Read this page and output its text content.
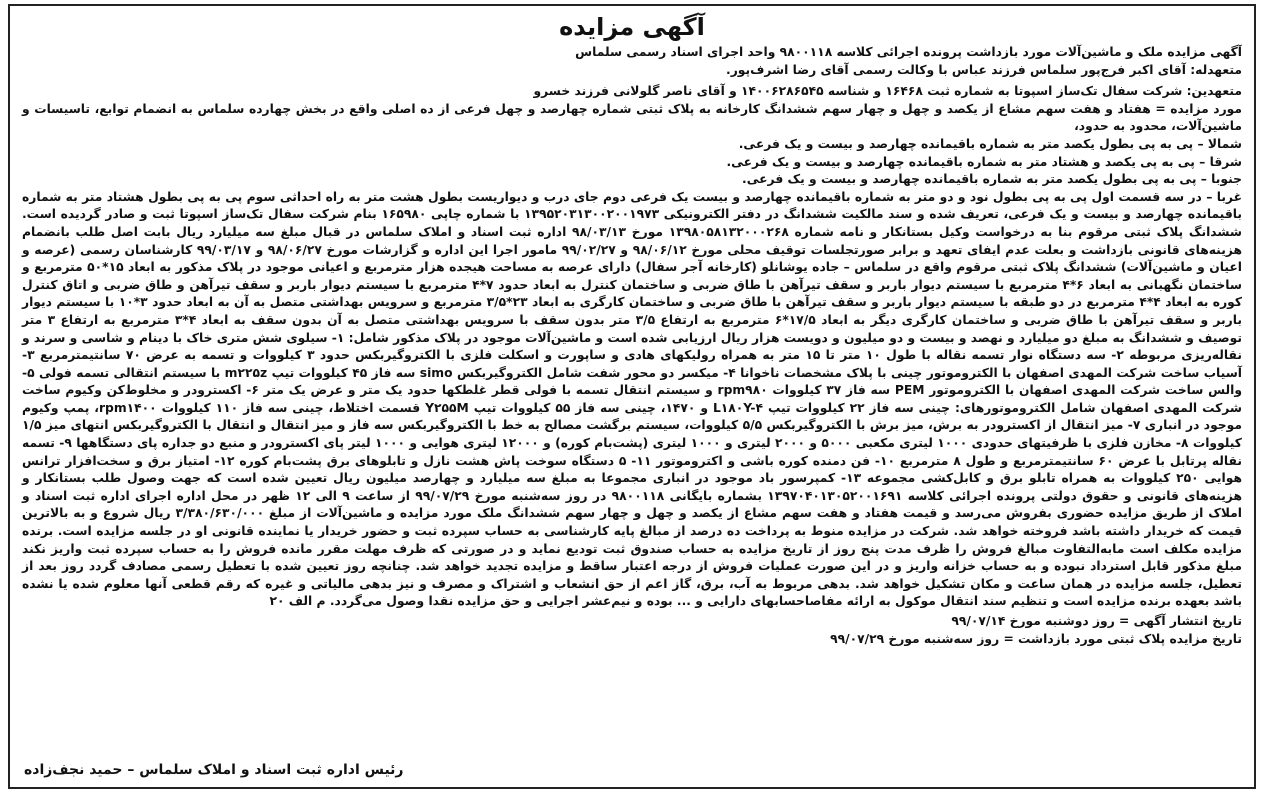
آگهی مزایده
آگهی مزایده ملک و ماشین‌آلات مورد بازداشت پرونده اجرائی کلاسه ۹۸۰۰۱۱۸ واحد اجرای اسناد رسمی سلماس
متعهدله: آقای اکبر فرج‌پور سلماس فرزند عباس با وکالت رسمی آقای رضا اشرف‌پور.
متعهدین: شرکت سفال تک‌ساز اسپوتا به شماره ثبت ۱۶۴۶۸ و شناسه ۱۴۰۰۶۲۸۶۵۴۵ و آقای ناصر گلولانی فرزند خسرو
مورد مزایده = هفتاد و هفت سهم مشاع از یکصد و چهل و چهار سهم ششدانگ کارخانه به پلاک ثبتی شماره چهارصد و چهل فرعی از ده اصلی واقع در بخش چهارده سلماس به انضمام توابع، تاسیسات و ماشین‌آلات، محدود به حدود،
شمالا – پی به پی بطول یکصد متر به شماره باقیمانده چهارصد و بیست و یک فرعی.
شرقا – پی به پی یکصد و هشتاد متر به شماره باقیمانده چهارصد و بیست و یک فرعی.
جنوبا – پی به پی بطول یکصد متر به شماره باقیمانده چهارصد و بیست و یک فرعی.
غربا – در سه قسمت اول پی به پی بطول نود و دو متر به شماره باقیمانده چهارصد و بیست یک فرعی دوم جای درب و دیواریست بطول هشت متر به راه احداثی سوم پی به پی بطول هشتاد متر به شماره باقیمانده چهارصد و بیست و یک فرعی، تعریف شده و سند مالکیت ششدانگ در دفتر الکترونیکی ۱۳۹۵۲۰۳۱۳۰۰۲۰۰۱۹۷۳ با شماره چاپی ۱۶۵۹۸۰ بنام شرکت سفال تک‌ساز اسپوتا ثبت و صادر گردیده است. ششدانگ پلاک ثبتی مرقوم بنا به درخواست وکیل بستانکار و نامه شماره ۱۳۹۸۰۵۸۱۳۲۰۰۰۲۶۸ مورخ ۹۸/۰۳/۱۳ اداره ثبت اسناد و املاک سلماس در قبال مبلغ سه میلیارد ریال بابت اصل طلب بانضمام هزینه‌های قانونی بازداشت و بعلت عدم ایفای تعهد و برابر صورتجلسات توقیف محلی مورخ ۹۸/۰۶/۱۲ و ۹۹/۰۲/۲۷ مامور اجرا این اداره و گزارشات مورخ ۹۸/۰۶/۲۷ و ۹۹/۰۳/۱۷ کارشناسان رسمی (عرصه و اعیان و ماشین‌آلات) ششدانگ پلاک ثبتی مرقوم واقع در سلماس – جاده یوشانلو (کارخانه آجر سفال) دارای عرصه به مساحت هیجده هزار مترمربع و اعیانی موجود در پلاک مذکور به ابعاد ۱۵*۵۰ مترمربع و ساختمان نگهبانی به ابعاد ۶*۴ مترمربع با سیستم دیوار باربر و سقف تیرآهن با طاق ضربی و ساختمان کنترل به ابعاد حدود ۷*۴ مترمربع با سیستم دیوار باربر و سقف تیرآهن و طاق ضربی و اتاق کنترل کوره به ابعاد ۴*۴ مترمربع در دو طبقه با سیستم دیوار باربر و سقف تیرآهن با طاق ضربی و ساختمان کارگری به ابعاد ۲۳*۳/۵ مترمربع و سرویس بهداشتی متصل به آن به ابعاد حدود ۳*۱۰ با سیستم دیوار باربر و سقف تیرآهن با طاق ضربی و ساختمان کارگری دیگر به ابعاد ۱۷/۵*۶ مترمربع به ارتفاع ۳/۵ متر بدون سقف با سرویس بهداشتی متصل به آن بدون سقف به ابعاد ۴*۳ مترمربع به ارتفاع ۳ متر توصیف و ششدانگ به مبلغ دو میلیارد و نهصد و بیست و دو میلیون و دویست هزار ریال ارزیابی شده است و ماشین‌آلات موجود در پلاک مذکور شامل: ۱- سیلوی شش متری خاک با دینام و شاسی و سرند و نقاله‌ریزی مربوطه ۲- سه دستگاه نوار تسمه نقاله با طول ۱۰ متر تا ۱۵ متر به همراه رولیکهای هادی و ساپورت و اسکلت فلزی با الکتروگیربکس حدود ۳ کیلووات و تسمه به عرض ۷۰ سانتیمترمربع ۳- آسیاب ساخت شرکت المهدی اصفهان با الکتروموتور چینی با پلاک مشخصات ناخوانا ۴- میکسر دو محور شفت شامل الکتروگیربکس simo سه فاز ۴۵ کیلووات تیپ m۲۲۵z با سیستم انتقالی تسمه فولی ۵- والس ساخت شرکت المهدی اصفهان با الکتروموتور PEM سه فاز ۳۷ کیلووات rpm۹۸۰ و سیستم انتقال تسمه با فولی قطر غلطکها حدود یک متر و عرض یک متر ۶- اکسترودر و مخلوط‌کن وکیوم ساخت شرکت المهدی اصفهان شامل الکتروموتورهای: چینی سه فاز ۲۲ کیلووات تیپ L۱۸۰Y-۴ و ۱۴۷۰، چینی سه فاز ۵۵ کیلووات تیپ Y۲۵۵M قسمت اختلاط، چینی سه فاز ۱۱۰ کیلووات rpm۱۴۰۰، پمپ وکیوم موجود در انباری ۷- میز انتقال از اکسترودر به برش، میز برش با الکتروگیربکس ۵/۵ کیلووات، سیستم برگشت مصالح به خط با الکتروگیربکس سه فاز و میز انتقال و انتقال با الکتروگیربکس انتهای میز ۱/۵ کیلووات ۸- مخازن فلزی با ظرفیتهای حدودی ۱۰۰۰ لیتری مکعبی ۵۰۰۰ و ۲۰۰۰ لیتری و ۱۰۰۰ لیتری (پشت‌بام کوره) و ۱۲۰۰۰ لیتری هوایی و ۱۰۰۰ لیتر پای اکسترودر و منبع دو جداره پای دستگاهها ۹- تسمه نقاله پرتابل با عرض ۶۰ سانتیمترمربع و طول ۸ مترمربع ۱۰- فن دمنده کوره باشی و اکتروموتور ۱۱- ۵ دستگاه سوخت پاش هشت نازل و تابلوهای برق پشت‌بام کوره ۱۲- امتیاز برق و سخت‌افزار ترانس هوایی ۲۵۰ کیلووات به همراه تابلو برق و کابل‌کشی مجموعه ۱۳- کمپرسور باد موجود در انباری مجموعا به مبلغ سه میلیارد و چهارصد میلیون ریال تعیین شده است که جهت وصول طلب بستانکار و هزینه‌های قانونی و حقوق دولتی پرونده اجرائی کلاسه ۱۳۹۷۰۴۰۱۳۰۵۲۰۰۱۶۹۱ بشماره بایگانی ۹۸۰۰۱۱۸ در روز سه‌شنبه مورخ ۹۹/۰۷/۲۹ از ساعت ۹ الی ۱۲ ظهر در محل اداره اجرای اداره ثبت اسناد و املاک از طریق مزایده حضوری بفروش می‌رسد و قیمت هفتاد و هفت سهم مشاع از یکصد و چهل و چهار سهم ششدانگ ملک مورد مزایده و ماشین‌آلات از مبلغ ۳/۳۸۰/۶۳۰/۰۰۰ ریال شروع و به بالاترین قیمت که خریدار داشته باشد فروخته خواهد شد. شرکت در مزایده منوط به پرداخت ده درصد از مبالغ پایه کارشناسی به حساب سپرده ثبت و حضور خریدار یا نماینده قانونی او در جلسه مزایده است. برنده مزایده مکلف است مابه‌التفاوت مبالغ فروش را ظرف مدت پنج روز از تاریخ مزایده به حساب صندوق ثبت تودیع نماید و در صورتی که ظرف مهلت مقرر مانده فروش را به حساب سپرده ثبت واریز نکند مبلغ مذکور قابل استرداد نبوده و به حساب خزانه واریز و در این صورت عملیات فروش از درجه اعتبار ساقط و مزایده تجدید خواهد شد. چنانچه روز تعیین شده با تعطیل رسمی مصادف گردد روز بعد از تعطیل، جلسه مزایده در همان ساعت و مکان تشکیل خواهد شد. بدهی مربوط به آب، برق، گاز اعم از حق انشعاب و اشتراک و مصرف و نیز بدهی مالیاتی و غیره که رقم قطعی آنها معلوم شده یا نشده باشد بعهده برنده مزایده است و تنظیم سند انتقال موکول به ارائه مفاصاحسابهای دارایی و ... بوده و نیم‌عشر اجرایی و حق مزایده نقدا وصول می‌گردد. م الف ۲۰
تاریخ انتشار آگهی = روز دوشنبه مورخ ۹۹/۰۷/۱۴
تاریخ مزایده پلاک ثبتی مورد بازداشت = روز سه‌شنبه مورخ ۹۹/۰۷/۲۹
رئیس اداره ثبت اسناد و املاک سلماس – حمید نجف‌زاده
